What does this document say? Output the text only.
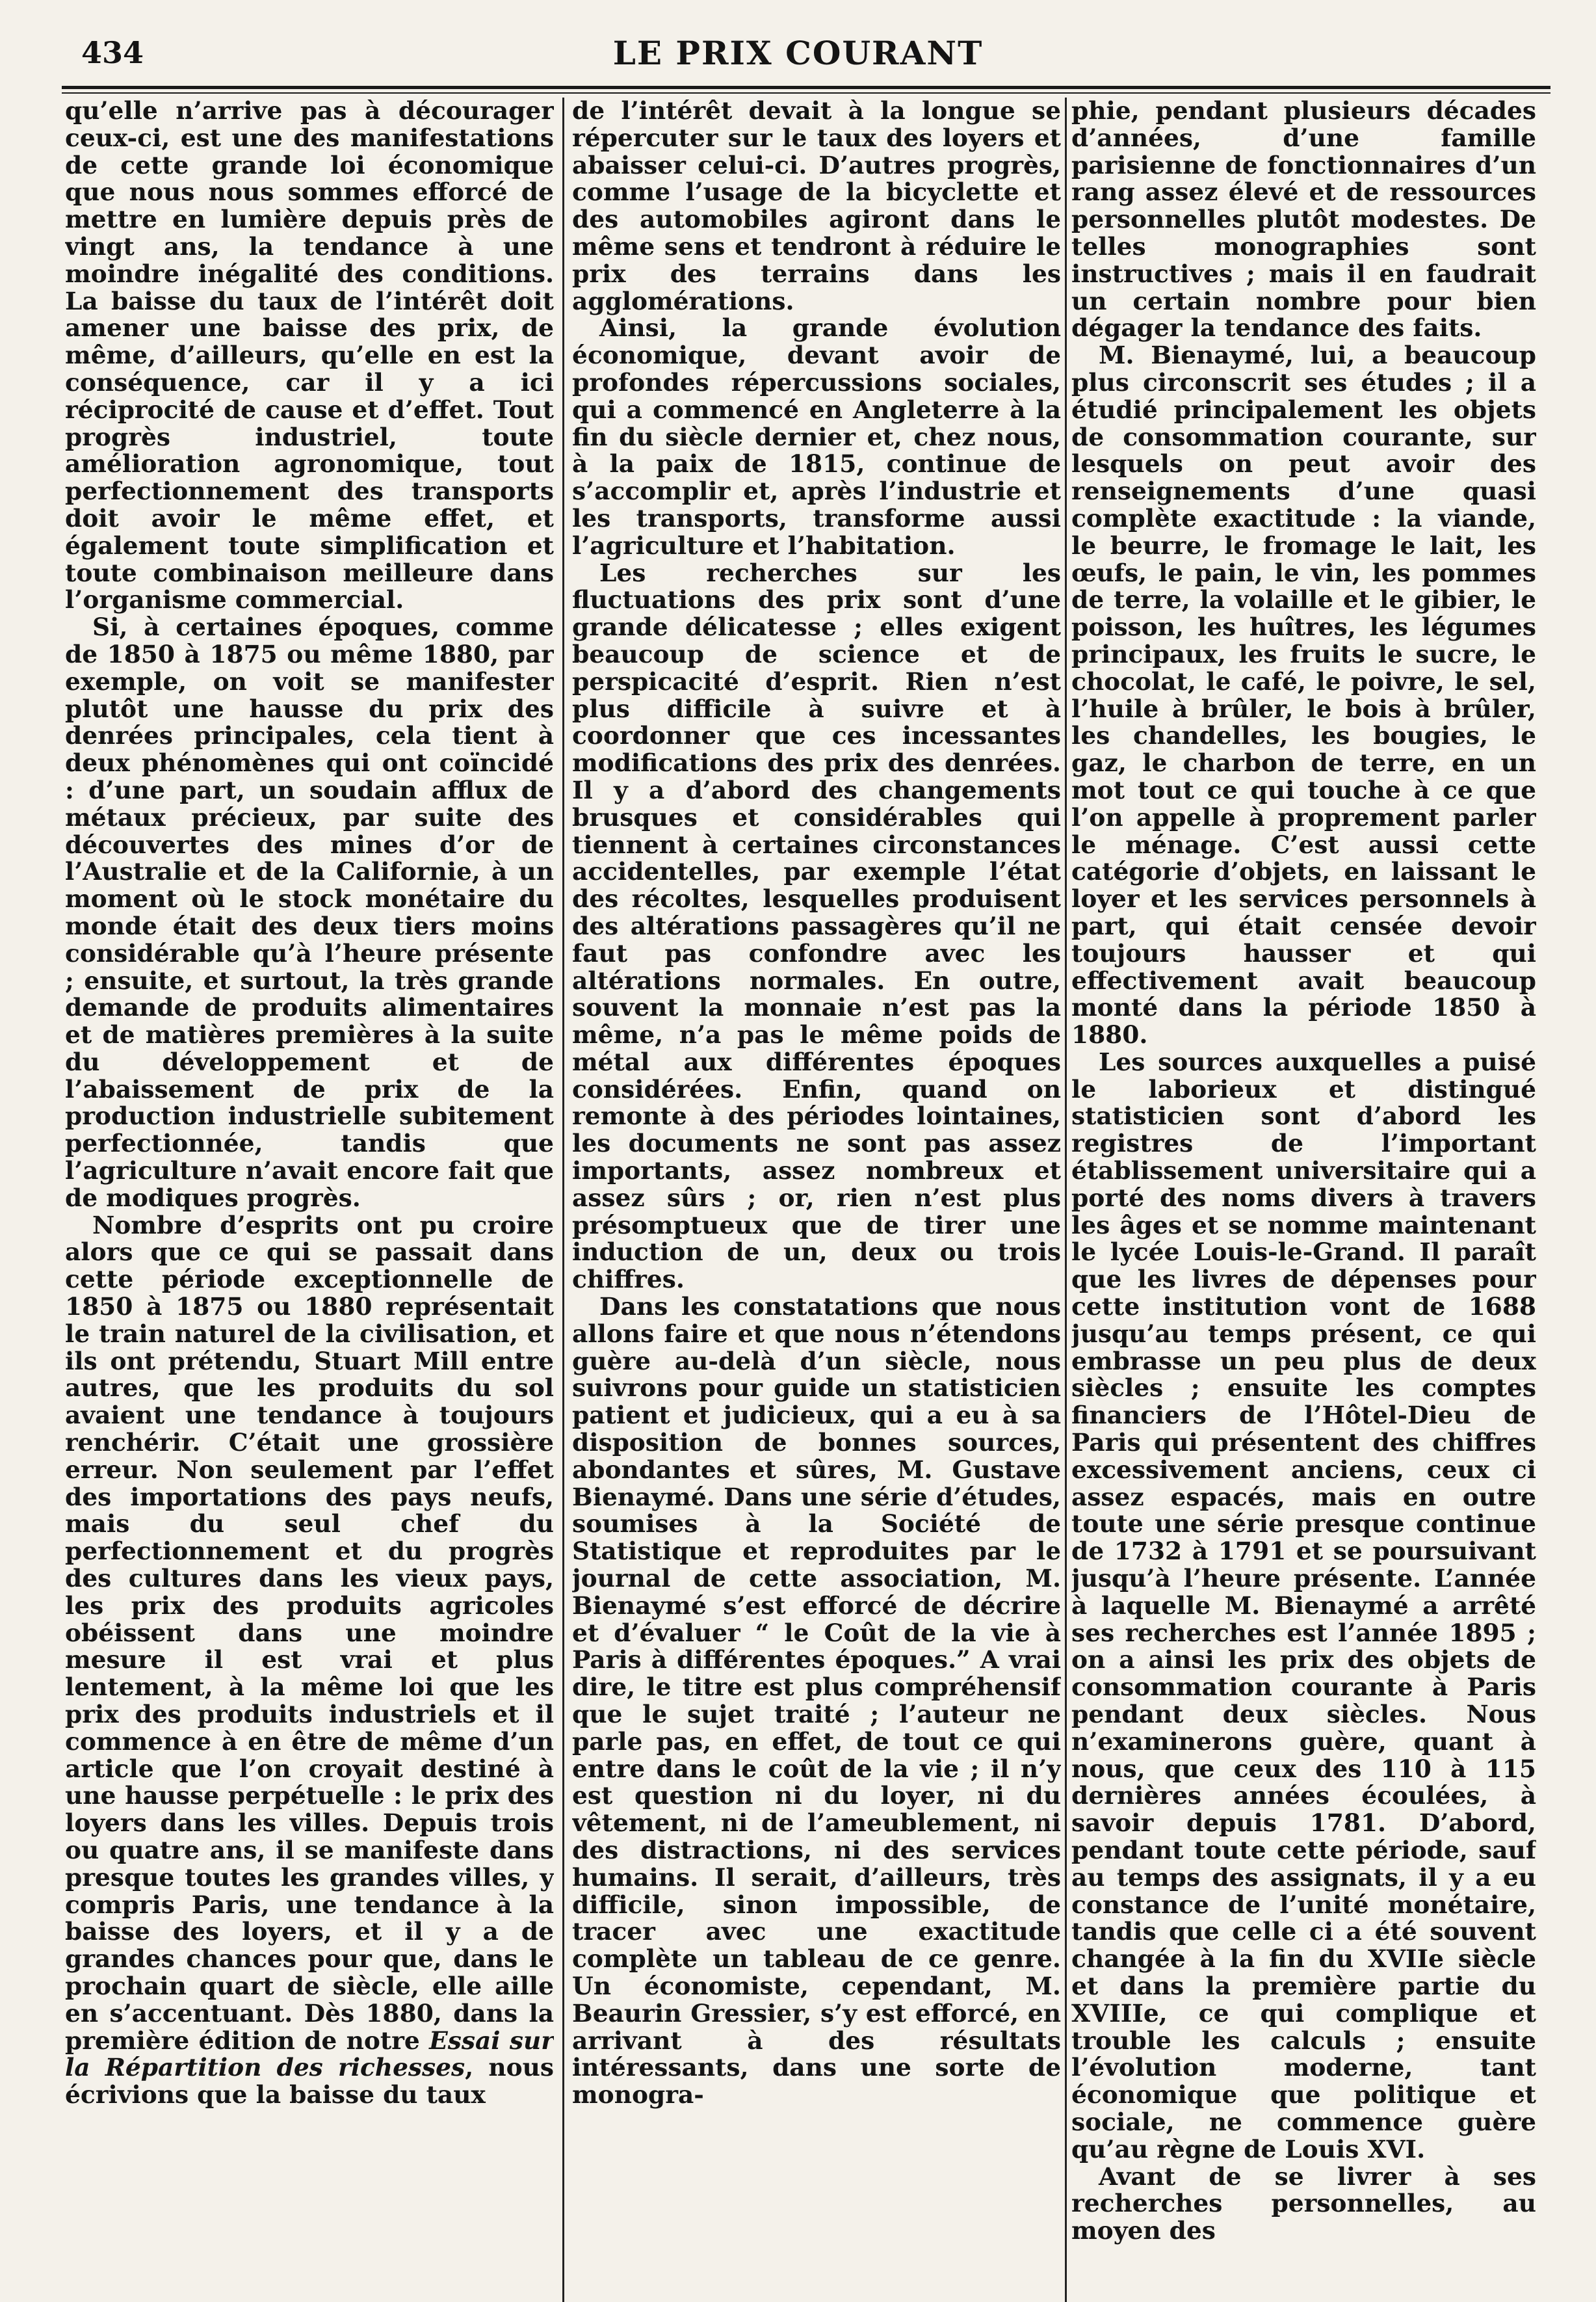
434	LE PRIX COURANT

qu’elle n’arrive pas à décourager ceux-ci, est une des manifestations de cette grande loi économique que nous nous sommes efforcé de mettre en lumière depuis près de vingt ans, la tendance à une moindre inégalité des conditions. La baisse du taux de l’intérêt doit amener une baisse des prix, de même, d’ailleurs, qu’elle en est la conséquence, car il y a ici réciprocité de cause et d’effet. Tout progrès industriel, toute amélioration agronomique, tout perfectionnement des transports doit avoir le même effet, et également toute simplification et toute combinaison meilleure dans l’organisme commercial.

Si, à certaines époques, comme de 1850 à 1875 ou même 1880, par exemple, on voit se manifester plutôt une hausse du prix des denrées principales, cela tient à deux phénomènes qui ont coïncidé : d’une part, un soudain afflux de métaux précieux, par suite des découvertes des mines d’or de l’Australie et de la Californie, à un moment où le stock monétaire du monde était des deux tiers moins considérable qu’à l’heure présente ; ensuite, et surtout, la très grande demande de produits alimentaires et de matières premières à la suite du développement et de l’abaissement de prix de la production industrielle subitement perfectionnée, tandis que l’agriculture n’avait encore fait que de modiques progrès.

Nombre d’esprits ont pu croire alors que ce qui se passait dans cette période exceptionnelle de 1850 à 1875 ou 1880 représentait le train naturel de la civilisation, et ils ont prétendu, Stuart Mill entre autres, que les produits du sol avaient une tendance à toujours renchérir. C’était une grossière erreur. Non seulement par l’effet des importations des pays neufs, mais du seul chef du perfectionnement et du progrès des cultures dans les vieux pays, les prix des produits agricoles obéissent dans une moindre mesure il est vrai et plus lentement, à la même loi que les prix des produits industriels et il commence à en être de même d’un article que l’on croyait destiné à une hausse perpétuelle : le prix des loyers dans les villes. Depuis trois ou quatre ans, il se manifeste dans presque toutes les grandes villes, y compris Paris, une tendance à la baisse des loyers, et il y a de grandes chances pour que, dans le prochain quart de siècle, elle aille en s’accentuant. Dès 1880, dans la première édition de notre Essai sur la Répartition des richesses, nous écrivions que la baisse du taux

de l’intérêt devait à la longue se répercuter sur le taux des loyers et abaisser celui-ci. D’autres progrès, comme l’usage de la bicyclette et des automobiles agiront dans le même sens et tendront à réduire le prix des terrains dans les agglomérations.

Ainsi, la grande évolution économique, devant avoir de profondes répercussions sociales, qui a commencé en Angleterre à la fin du siècle dernier et, chez nous, à la paix de 1815, continue de s’accomplir et, après l’industrie et les transports, transforme aussi l’agriculture et l’habitation.

Les recherches sur les fluctuations des prix sont d’une grande délicatesse ; elles exigent beaucoup de science et de perspicacité d’esprit. Rien n’est plus difficile à suivre et à coordonner que ces incessantes modifications des prix des denrées. Il y a d’abord des changements brusques et considérables qui tiennent à certaines circonstances accidentelles, par exemple l’état des récoltes, lesquelles produisent des altérations passagères qu’il ne faut pas confondre avec les altérations normales. En outre, souvent la monnaie n’est pas la même, n’a pas le même poids de métal aux différentes époques considérées. Enfin, quand on remonte à des périodes lointaines, les documents ne sont pas assez importants, assez nombreux et assez sûrs ; or, rien n’est plus présomptueux que de tirer une induction de un, deux ou trois chiffres.

Dans les constatations que nous allons faire et que nous n’étendons guère au-delà d’un siècle, nous suivrons pour guide un statisticien patient et judicieux, qui a eu à sa disposition de bonnes sources, abondantes et sûres, M. Gustave Bienaymé. Dans une série d’études, soumises à la Société de Statistique et reproduites par le journal de cette association, M. Bienaymé s’est efforcé de décrire et d’évaluer “ le Coût de la vie à Paris à différentes époques.” A vrai dire, le titre est plus compréhensif que le sujet traité ; l’auteur ne parle pas, en effet, de tout ce qui entre dans le coût de la vie ; il n’y est question ni du loyer, ni du vêtement, ni de l’ameublement, ni des distractions, ni des services humains. Il serait, d’ailleurs, très difficile, sinon impossible, de tracer avec une exactitude complète un tableau de ce genre. Un économiste, cependant, M. Beaurin Gressier, s’y est efforcé, en arrivant à des résultats intéressants, dans une sorte de monogra-

phie, pendant plusieurs décades d’années, d’une famille parisienne de fonctionnaires d’un rang assez élevé et de ressources personnelles plutôt modestes. De telles monographies sont instructives ; mais il en faudrait un certain nombre pour bien dégager la tendance des faits.

M. Bienaymé, lui, a beaucoup plus circonscrit ses études ; il a étudié principalement les objets de consommation courante, sur lesquels on peut avoir des renseignements d’une quasi complète exactitude : la viande, le beurre, le fromage le lait, les œufs, le pain, le vin, les pommes de terre, la volaille et le gibier, le poisson, les huîtres, les légumes principaux, les fruits le sucre, le chocolat, le café, le poivre, le sel, l’huile à brûler, le bois à brûler, les chandelles, les bougies, le gaz, le charbon de terre, en un mot tout ce qui touche à ce que l’on appelle à proprement parler le ménage. C’est aussi cette catégorie d’objets, en laissant le loyer et les services personnels à part, qui était censée devoir toujours hausser et qui effectivement avait beaucoup monté dans la période 1850 à 1880.

Les sources auxquelles a puisé le laborieux et distingué statisticien sont d’abord les registres de l’important établissement universitaire qui a porté des noms divers à travers les âges et se nomme maintenant le lycée Louis-le-Grand. Il paraît que les livres de dépenses pour cette institution vont de 1688 jusqu’au temps présent, ce qui embrasse un peu plus de deux siècles ; ensuite les comptes financiers de l’Hôtel-Dieu de Paris qui présentent des chiffres excessivement anciens, ceux ci assez espacés, mais en outre toute une série presque continue de 1732 à 1791 et se poursuivant jusqu’à l’heure présente. L’année à laquelle M. Bienaymé a arrêté ses recherches est l’année 1895 ; on a ainsi les prix des objets de consommation courante à Paris pendant deux siècles. Nous n’examinerons guère, quant à nous, que ceux des 110 à 115 dernières années écoulées, à savoir depuis 1781. D’abord, pendant toute cette période, sauf au temps des assignats, il y a eu constance de l’unité monétaire, tandis que celle ci a été souvent changée à la fin du XVIIe siècle et dans la première partie du XVIIIe, ce qui complique et trouble les calculs ; ensuite l’évolution moderne, tant économique que politique et sociale, ne commence guère qu’au règne de Louis XVI.

Avant de se livrer à ses recherches personnelles, au moyen des
